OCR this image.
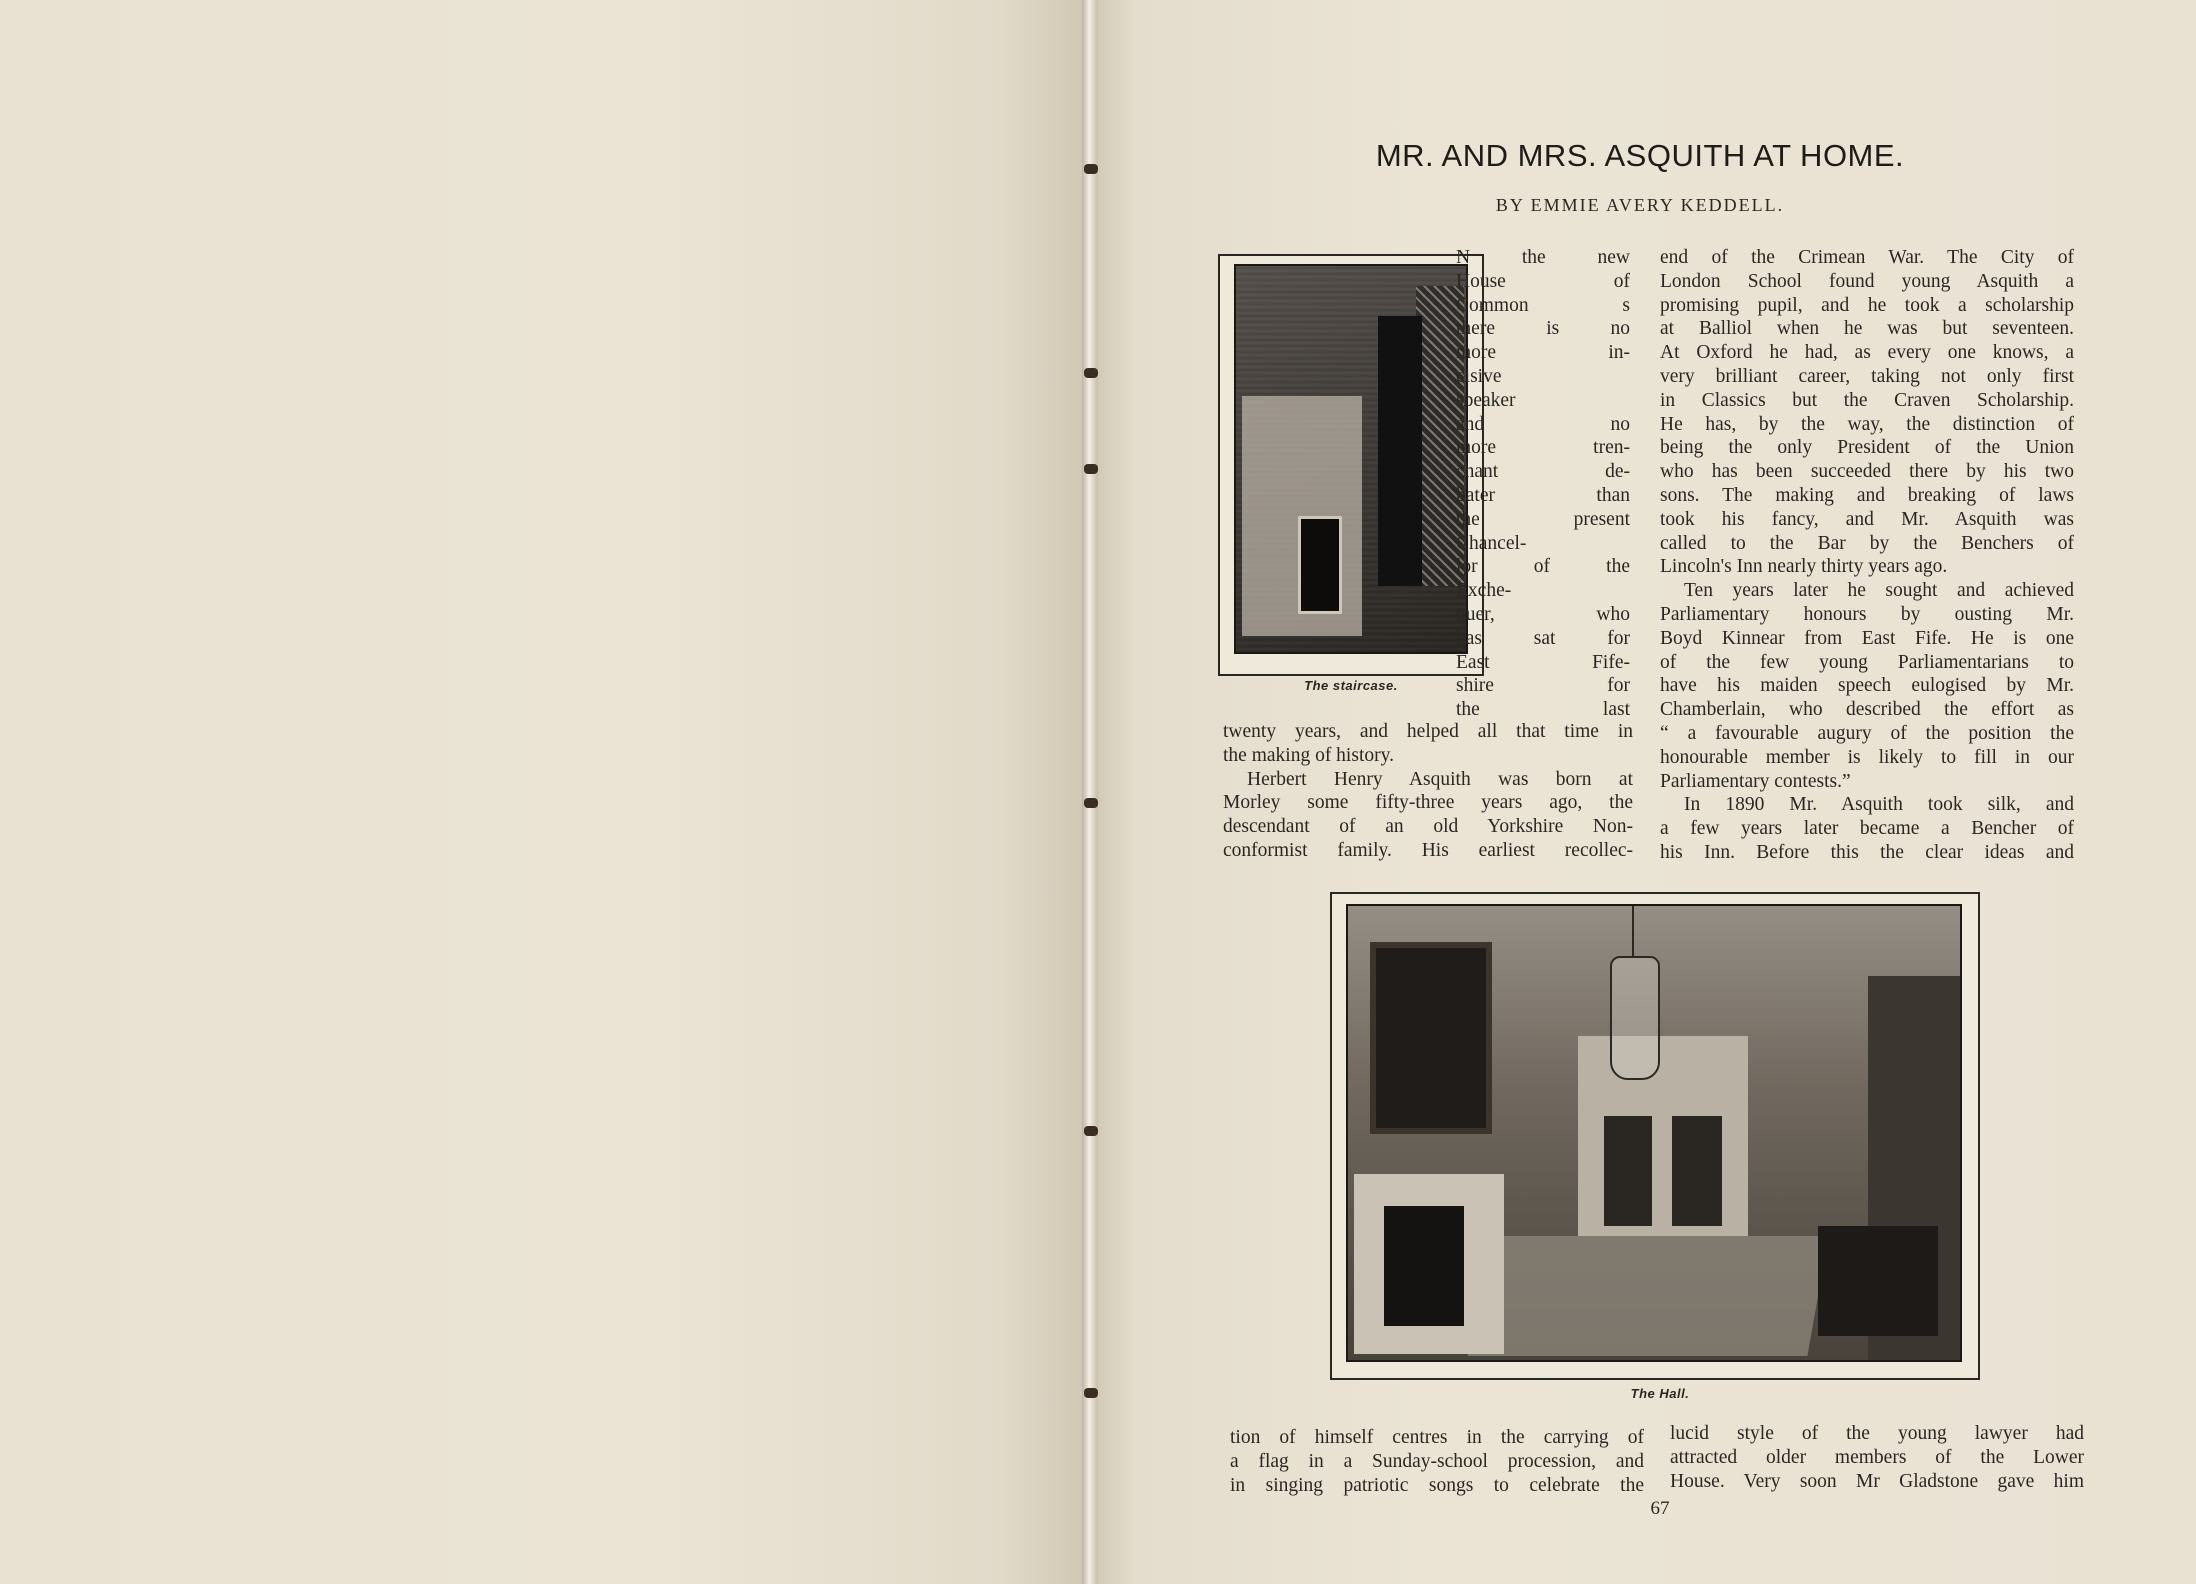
MR. AND MRS. ASQUITH AT HOME.
BY EMMIE AVERY KEDDELL.
The staircase.
N the new
House of
Common s
there is no
more in-
cisive
speaker
and no
more tren-
chant de-
bater than
the present
Chancel-
lor of the
Exche-
quer, who
has sat for
East Fife-
shire for
the last
twenty years, and helped all that time in
the making of history.
Herbert Henry Asquith was born at
Morley some fifty-three years ago, the
descendant of an old Yorkshire Non-
conformist family. His earliest recollec-
end of the Crimean War. The City of
London School found young Asquith a
promising pupil, and he took a scholarship
at Balliol when he was but seventeen.
At Oxford he had, as every one knows, a
very brilliant career, taking not only first
in Classics but the Craven Scholarship.
He has, by the way, the distinction of
being the only President of the Union
who has been succeeded there by his two
sons. The making and breaking of laws
took his fancy, and Mr. Asquith was
called to the Bar by the Benchers of
Lincoln's Inn nearly thirty years ago.
Ten years later he sought and achieved
Parliamentary honours by ousting Mr.
Boyd Kinnear from East Fife. He is one
of the few young Parliamentarians to
have his maiden speech eulogised by Mr.
Chamberlain, who described the effort as
“ a favourable augury of the position the
honourable member is likely to fill in our
Parliamentary contests.”
In 1890 Mr. Asquith took silk, and
a few years later became a Bencher of
his Inn. Before this the clear ideas and
The Hall.
tion of himself centres in the carrying of
a flag in a Sunday-school procession, and
in singing patriotic songs to celebrate the
lucid style of the young lawyer had
attracted older members of the Lower
House. Very soon Mr Gladstone gave him
67
